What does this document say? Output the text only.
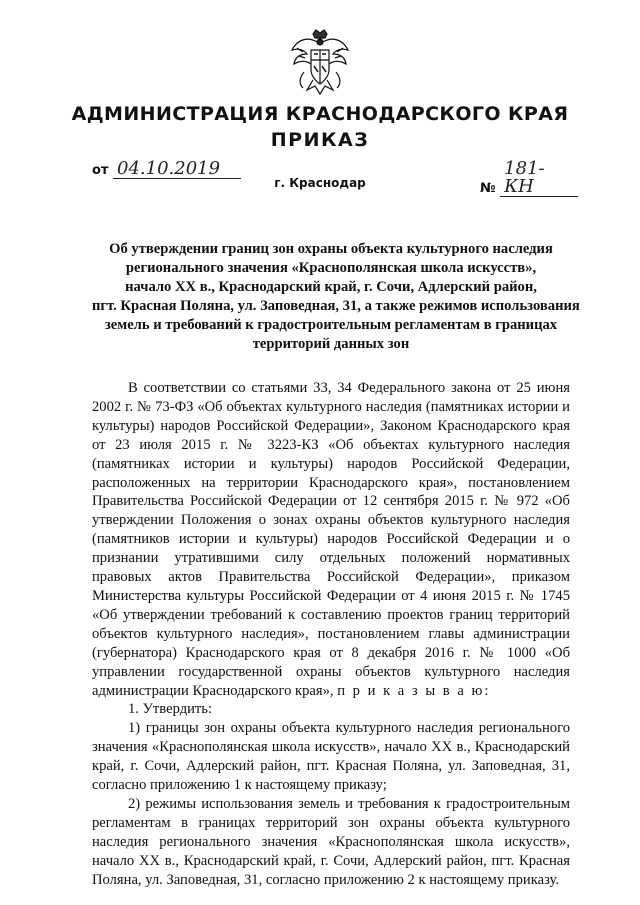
АДМИНИСТРАЦИЯ КРАСНОДАРСКОГО КРАЯ
ПРИКАЗ
от 04.10.2019
№ 181-КН
г. Краснодар
Об утверждении границ зон охраны объекта культурного наследия
регионального значения «Краснополянская школа искусств»,
начало XX в., Краснодарский край, г. Сочи, Адлерский район,
пгт. Красная Поляна, ул. Заповедная, 31, а также режимов использования
земель и требований к градостроительным регламентам в границах
территорий данных зон

В соответствии со статьями 33, 34 Федерального закона от 25 июня 2002 г. № 73-ФЗ «Об объектах культурного наследия (памятниках истории и культуры) народов Российской Федерации», Законом Краснодарского края от 23 июля 2015 г. № 3223-КЗ «Об объектах культурного наследия (памятниках истории и культуры) народов Российской Федерации, расположенных на территории Краснодарского края», постановлением Правительства Российской Федерации от 12 сентября 2015 г. № 972 «Об утверждении Положения о зонах охраны объектов культурного наследия (памятников истории и культуры) народов Российской Федерации и о признании утратившими силу отдельных положений нормативных правовых актов Правительства Российской Федерации», приказом Министерства культуры Российской Федерации от 4 июня 2015 г. № 1745 «Об утверждении требований к составлению проектов границ территорий объектов культурного наследия», постановлением главы администрации (губернатора) Краснодарского края от 8 декабря 2016 г. № 1000 «Об управлении государственной охраны объектов культурного наследия администрации Краснодарского края», п р и к а з ы в а ю:

1. Утвердить:

1) границы зон охраны объекта культурного наследия регионального значения «Краснополянская школа искусств», начало XX в., Краснодарский край, г. Сочи, Адлерский район, пгт. Красная Поляна, ул. Заповедная, 31, согласно приложению 1 к настоящему приказу;

2) режимы использования земель и требования к градостроительным регламентам в границах территорий зон охраны объекта культурного наследия регионального значения «Краснополянская школа искусств», начало XX в., Краснодарский край, г. Сочи, Адлерский район, пгт. Красная Поляна, ул. Заповедная, 31, согласно приложению 2 к настоящему приказу.
